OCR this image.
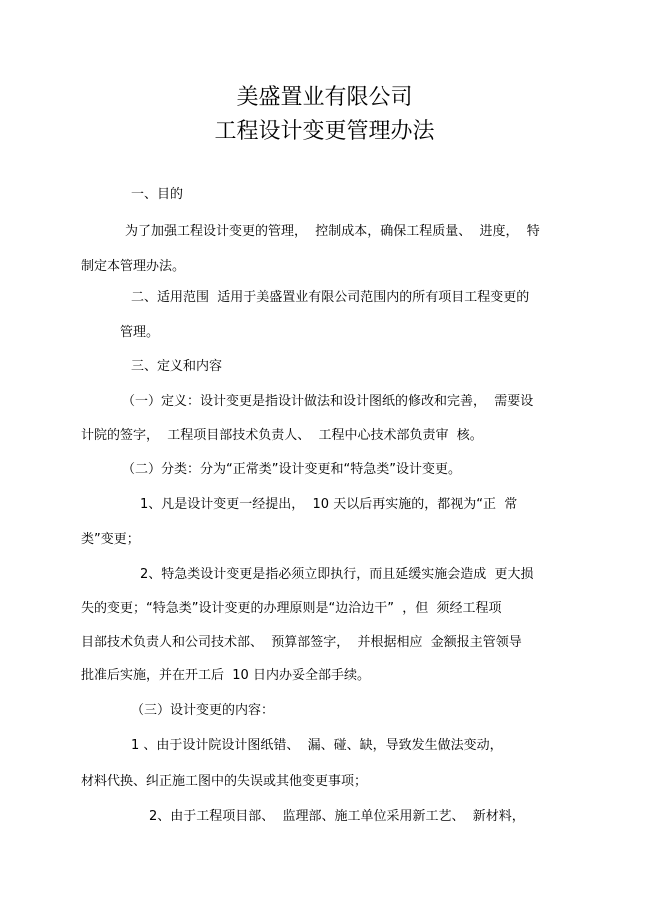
美盛置业有限公司
工程设计变更管理办法
一、目的
为了加强工程设计变更的管理，  控制成本，确保工程质量、  进度，  特
制定本管理办法。
二、适用范围  适用于美盛置业有限公司范围内的所有项目工程变更的
管理。
三、定义和内容
（一）定义：设计变更是指设计做法和设计图纸的修改和完善，  需要设
计院的签字，  工程项目部技术负责人、  工程中心技术部负责审  核。
（二）分类：分为“正常类”设计变更和“特急类”设计变更。
1、凡是设计变更一经提出，  10 天以后再实施的，都视为“正  常
类”变更；
2、特急类设计变更是指必须立即执行，而且延缓实施会造成  更大损
失的变更；“特急类”设计变更的办理原则是“边洽边干”  ，但  须经工程项
目部技术负责人和公司技术部、  预算部签字，  并根据相应  金额报主管领导
批准后实施，并在开工后  10 日内办妥全部手续。
（三）设计变更的内容：
1 、由于设计院设计图纸错、  漏、碰、缺，导致发生做法变动，
材料代换、纠正施工图中的失误或其他变更事项；
2、由于工程项目部、  监理部、施工单位采用新工艺、  新材料，
